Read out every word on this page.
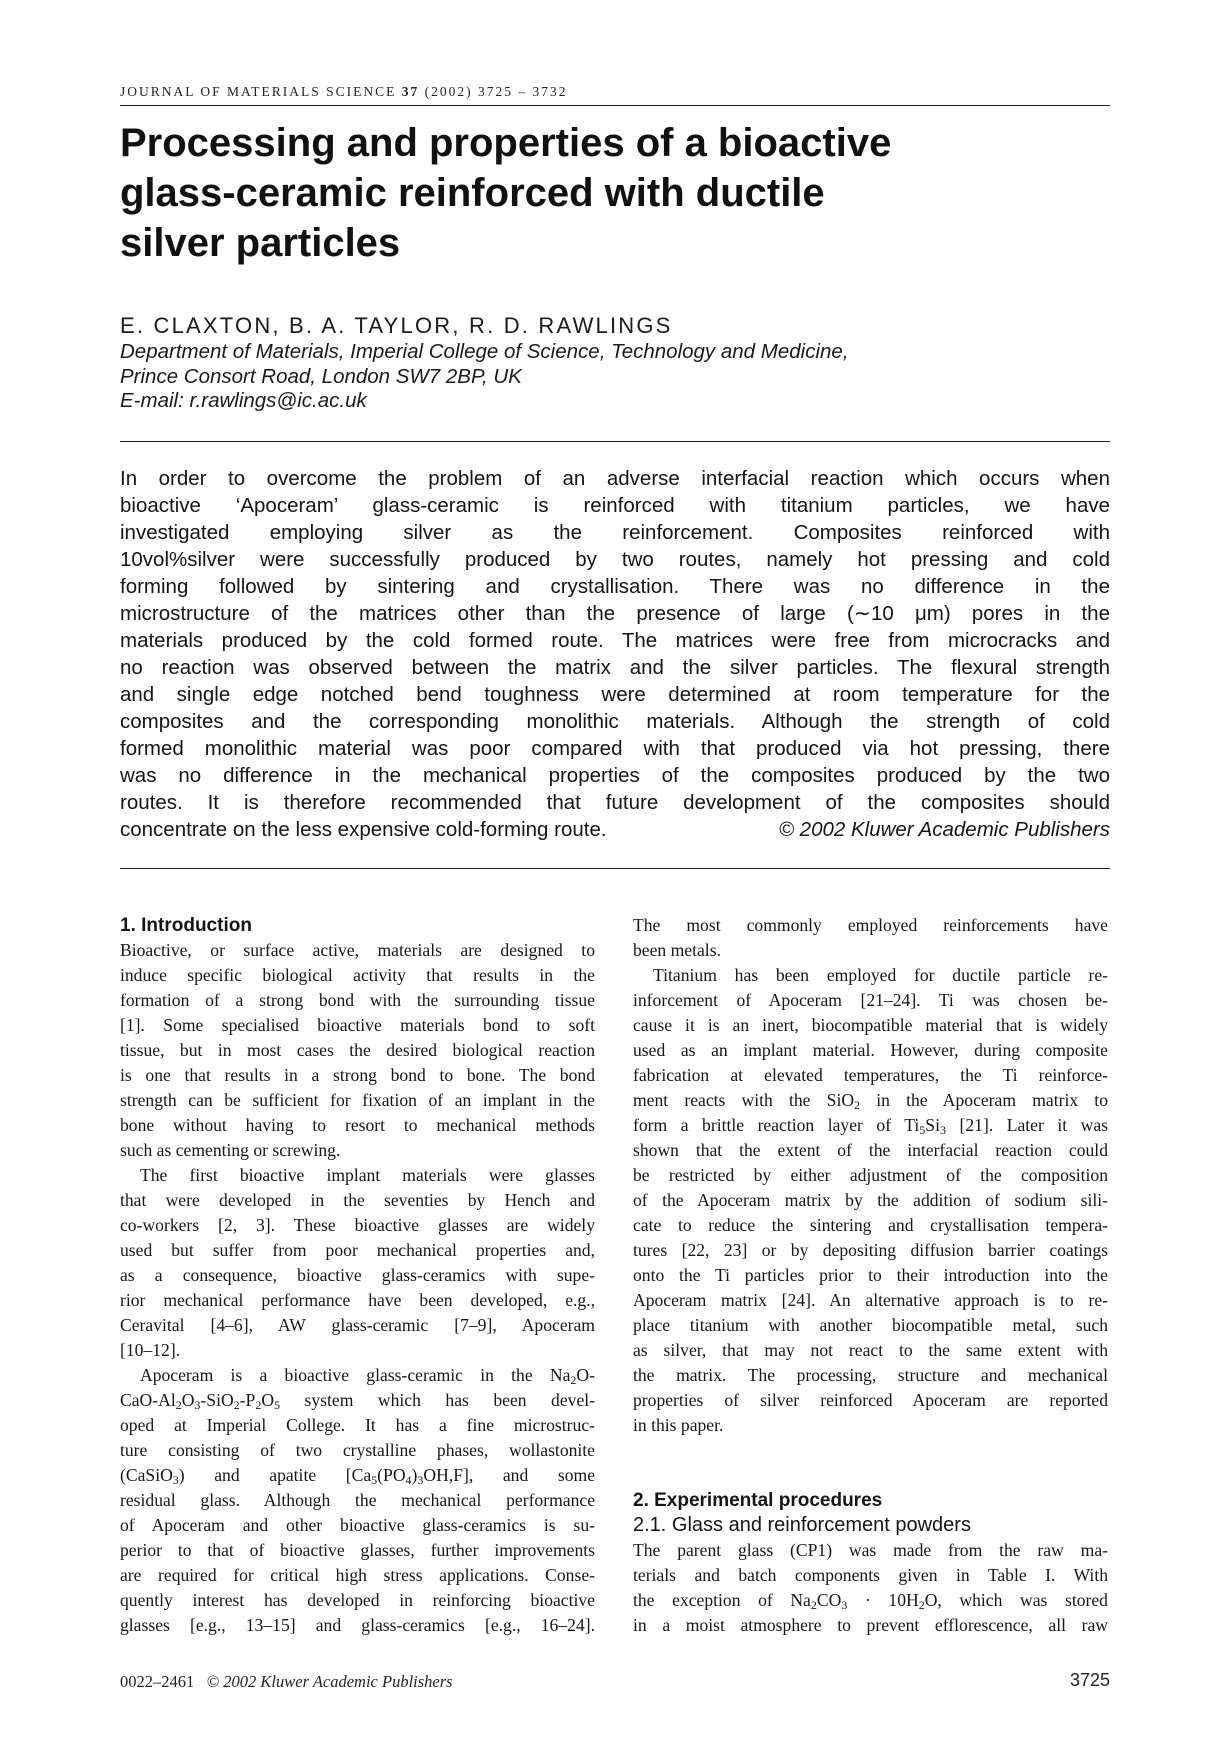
JOURNAL OF MATERIALS SCIENCE 37 (2002) 3725 – 3732
Processing and properties of a bioactive
glass-ceramic reinforced with ductile
silver particles
E. CLAXTON, B. A. TAYLOR, R. D. RAWLINGS
Department of Materials, Imperial College of Science, Technology and Medicine,
Prince Consort Road, London SW7 2BP, UK
E-mail: r.rawlings@ic.ac.uk
In order to overcome the problem of an adverse interfacial reaction which occurs when
bioactive ‘Apoceram’ glass-ceramic is reinforced with titanium particles, we have
investigated employing silver as the reinforcement. Composites reinforced with
10vol%silver were successfully produced by two routes, namely hot pressing and cold
forming followed by sintering and crystallisation. There was no difference in the
microstructure of the matrices other than the presence of large (∼10 μm) pores in the
materials produced by the cold formed route. The matrices were free from microcracks and
no reaction was observed between the matrix and the silver particles. The flexural strength
and single edge notched bend toughness were determined at room temperature for the
composites and the corresponding monolithic materials. Although the strength of cold
formed monolithic material was poor compared with that produced via hot pressing, there
was no difference in the mechanical properties of the composites produced by the two
routes. It is therefore recommended that future development of the composites should
concentrate on the less expensive cold-forming route.	© 2002 Kluwer Academic Publishers
1. Introduction
Bioactive, or surface active, materials are designed to
induce specific biological activity that results in the
formation of a strong bond with the surrounding tissue
[1]. Some specialised bioactive materials bond to soft
tissue, but in most cases the desired biological reaction
is one that results in a strong bond to bone. The bond
strength can be sufficient for fixation of an implant in the
bone without having to resort to mechanical methods
such as cementing or screwing.
The first bioactive implant materials were glasses
that were developed in the seventies by Hench and
co-workers [2, 3]. These bioactive glasses are widely
used but suffer from poor mechanical properties and,
as a consequence, bioactive glass-ceramics with supe-
rior mechanical performance have been developed, e.g.,
Ceravital [4–6], AW glass-ceramic [7–9], Apoceram
[10–12].
Apoceram is a bioactive glass-ceramic in the $Na_2O-$
CaO-$Al_2O_3-SiO_2-P_2O_5$ system which has been devel-
oped at Imperial College. It has a fine microstruc-
ture consisting of two crystalline phases, wollastonite
(CaSiO$_3$) and apatite $[Ca_5(PO_4)_3OH,F]$, and some
residual glass. Although the mechanical performance
of Apoceram and other bioactive glass-ceramics is su-
perior to that of bioactive glasses, further improvements
are required for critical high stress applications. Conse-
quently interest has developed in reinforcing bioactive
glasses [e.g., 13–15] and glass-ceramics [e.g., 16–24].
The most commonly employed reinforcements have
been metals.
Titanium has been employed for ductile particle re-
inforcement of Apoceram [21–24]. Ti was chosen be-
cause it is an inert, biocompatible material that is widely
used as an implant material. However, during composite
fabrication at elevated temperatures, the Ti reinforce-
ment reacts with the SiO$_2$ in the Apoceram matrix to
form a brittle reaction layer of $Ti_5Si_3$ [21]. Later it was
shown that the extent of the interfacial reaction could
be restricted by either adjustment of the composition
of the Apoceram matrix by the addition of sodium sili-
cate to reduce the sintering and crystallisation tempera-
tures [22, 23] or by depositing diffusion barrier coatings
onto the Ti particles prior to their introduction into the
Apoceram matrix [24]. An alternative approach is to re-
place titanium with another biocompatible metal, such
as silver, that may not react to the same extent with
the matrix. The processing, structure and mechanical
properties of silver reinforced Apoceram are reported
in this paper.
2. Experimental procedures
2.1. Glass and reinforcement powders
The parent glass (CP1) was made from the raw ma-
terials and batch components given in Table I. With
the exception of $Na_2CO_3 \cdot 10H_2O$, which was stored
in a moist atmosphere to prevent efflorescence, all raw
0022–2461 © 2002 Kluwer Academic Publishers	3725
